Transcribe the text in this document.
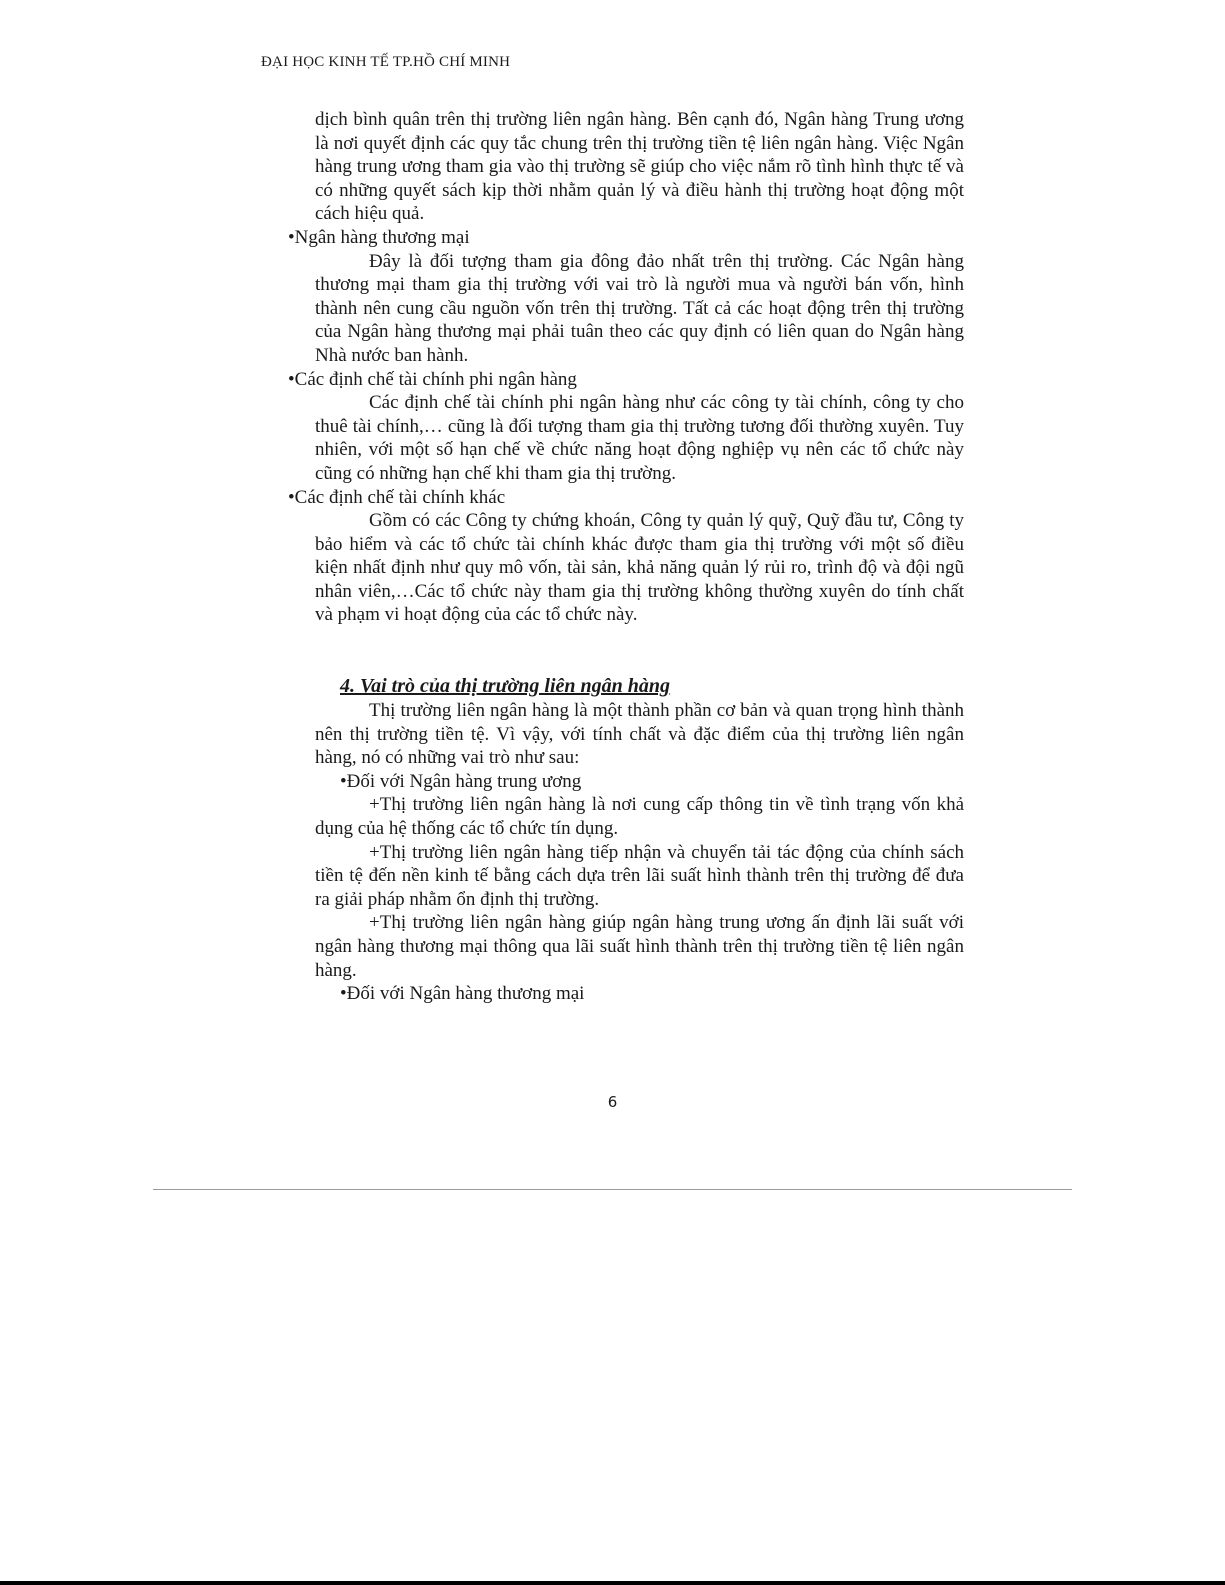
ĐẠI HỌC KINH TẾ TP.HỒ CHÍ MINH
dịch bình quân trên thị trường liên ngân hàng. Bên cạnh đó, Ngân hàng Trung ương là nơi quyết định các quy tắc chung trên thị trường tiền tệ liên ngân hàng. Việc Ngân hàng trung ương tham gia vào thị trường sẽ giúp cho việc nắm rõ tình hình thực tế và có những quyết sách kịp thời nhằm quản lý và điều hành thị trường hoạt động một cách hiệu quả.
•Ngân hàng thương mại
Đây là đối tượng tham gia đông đảo nhất trên thị trường. Các Ngân hàng thương mại tham gia thị trường với vai trò là người mua và người bán vốn, hình thành nên cung cầu nguồn vốn trên thị trường. Tất cả các hoạt động trên thị trường của Ngân hàng thương mại phải tuân theo các quy định có liên quan do Ngân hàng Nhà nước ban hành.
•Các định chế tài chính phi ngân hàng
Các định chế tài chính phi ngân hàng như các công ty tài chính, công ty cho thuê tài chính,… cũng là đối tượng tham gia thị trường tương đối thường xuyên. Tuy nhiên, với một số hạn chế về chức năng hoạt động nghiệp vụ nên các tổ chức này cũng có những hạn chế khi tham gia thị trường.
•Các định chế tài chính khác
Gồm có các Công ty chứng khoán, Công ty quản lý quỹ, Quỹ đầu tư, Công ty bảo hiểm và các tổ chức tài chính khác được tham gia thị trường với một số điều kiện nhất định như quy mô vốn, tài sản, khả năng quản lý rủi ro, trình độ và đội ngũ nhân viên,…Các tổ chức này tham gia thị trường không thường xuyên do tính chất và phạm vi hoạt động của các tổ chức này.
4. Vai trò của thị trường liên ngân hàng
Thị trường liên ngân hàng là một thành phần cơ bản và quan trọng hình thành nên thị trường tiền tệ. Vì vậy, với tính chất và đặc điểm của thị trường liên ngân hàng, nó có những vai trò như sau:
•Đối với Ngân hàng trung ương
+Thị trường liên ngân hàng là nơi cung cấp thông tin về tình trạng vốn khả dụng của hệ thống các tổ chức tín dụng.
+Thị trường liên ngân hàng tiếp nhận và chuyển tải tác động của chính sách tiền tệ đến nền kinh tế bằng cách dựa trên lãi suất hình thành trên thị trường để đưa ra giải pháp nhằm ổn định thị trường.
+Thị trường liên ngân hàng giúp ngân hàng trung ương ấn định lãi suất với ngân hàng thương mại thông qua lãi suất hình thành trên thị trường tiền tệ liên ngân hàng.
•Đối với Ngân hàng thương mại
6
